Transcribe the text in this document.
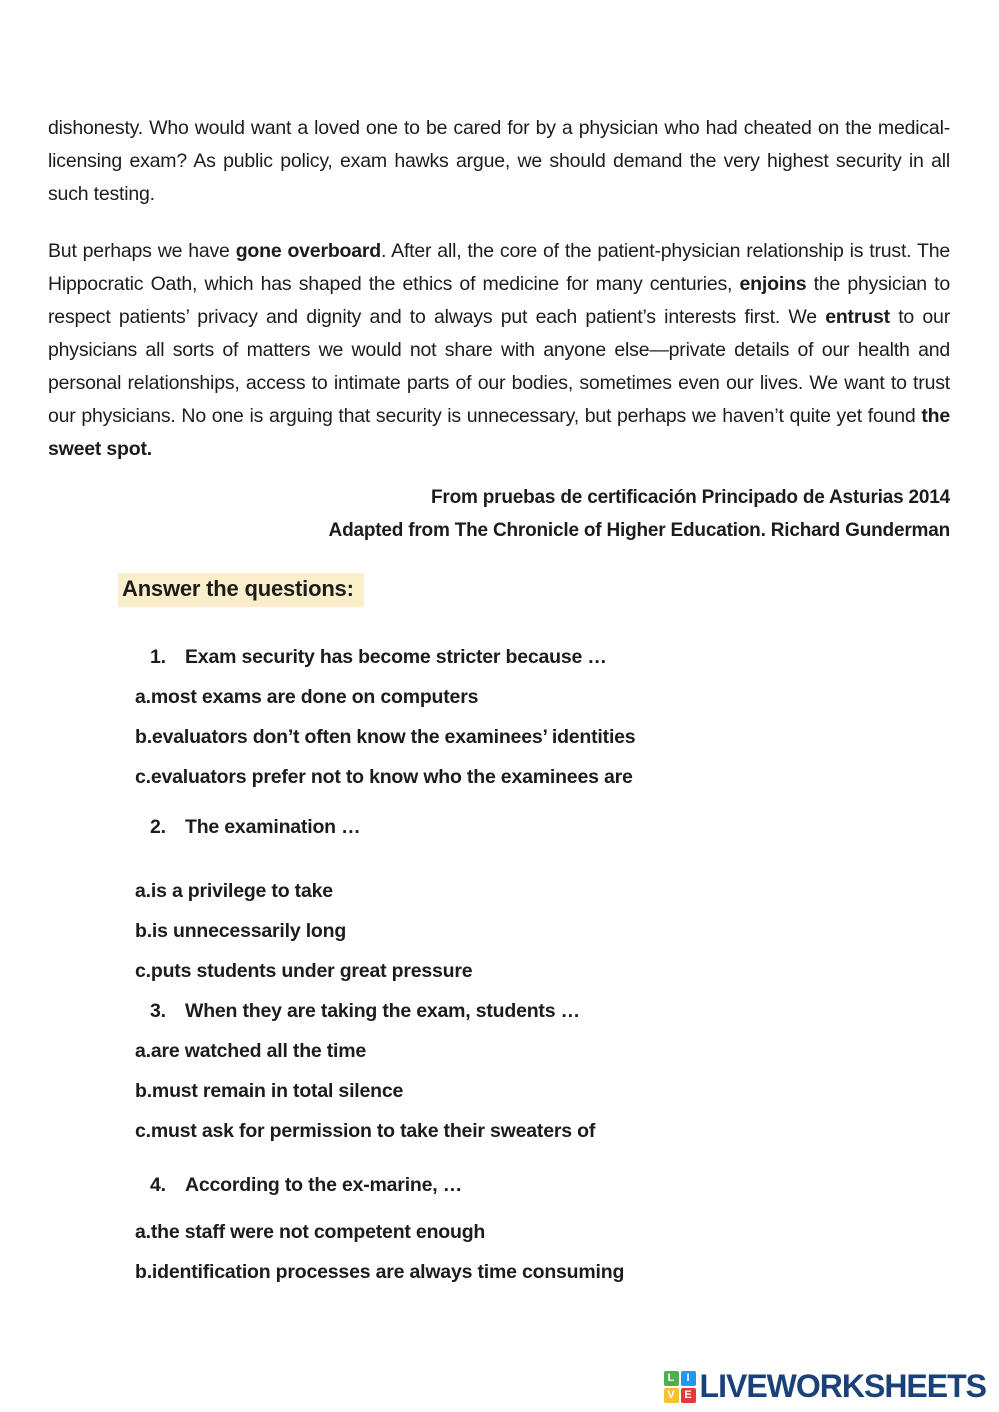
dishonesty. Who would want a loved one to be cared for by a physician who had cheated on the medical-licensing exam? As public policy, exam hawks argue, we should demand the very highest security in all such testing.

But perhaps we have gone overboard. After all, the core of the patient-physician relationship is trust. The Hippocratic Oath, which has shaped the ethics of medicine for many centuries, enjoins the physician to respect patients’ privacy and dignity and to always put each patient’s interests first. We entrust to our physicians all sorts of matters we would not share with anyone else—private details of our health and personal relationships, access to intimate parts of our bodies, sometimes even our lives. We want to trust our physicians. No one is arguing that security is unnecessary, but perhaps we haven’t quite yet found the sweet spot.

From pruebas de certificación Principado de Asturias 2014
Adapted from The Chronicle of Higher Education. Richard Gunderman
Answer the questions:
1. Exam security has become stricter because …
a.most exams are done on computers
b.evaluators don’t often know the examinees’ identities
c.evaluators prefer not to know who the examinees are
2. The examination …
a.is a privilege to take
b.is unnecessarily long
c.puts students under great pressure
3. When they are taking the exam, students …
a.are watched all the time
b.must remain in total silence
c.must ask for permission to take their sweaters of
4. According to the ex-marine, …
a.the staff were not competent enough
b.identification processes are always time consuming
L	I
V E LIVEWORKSHEETS
